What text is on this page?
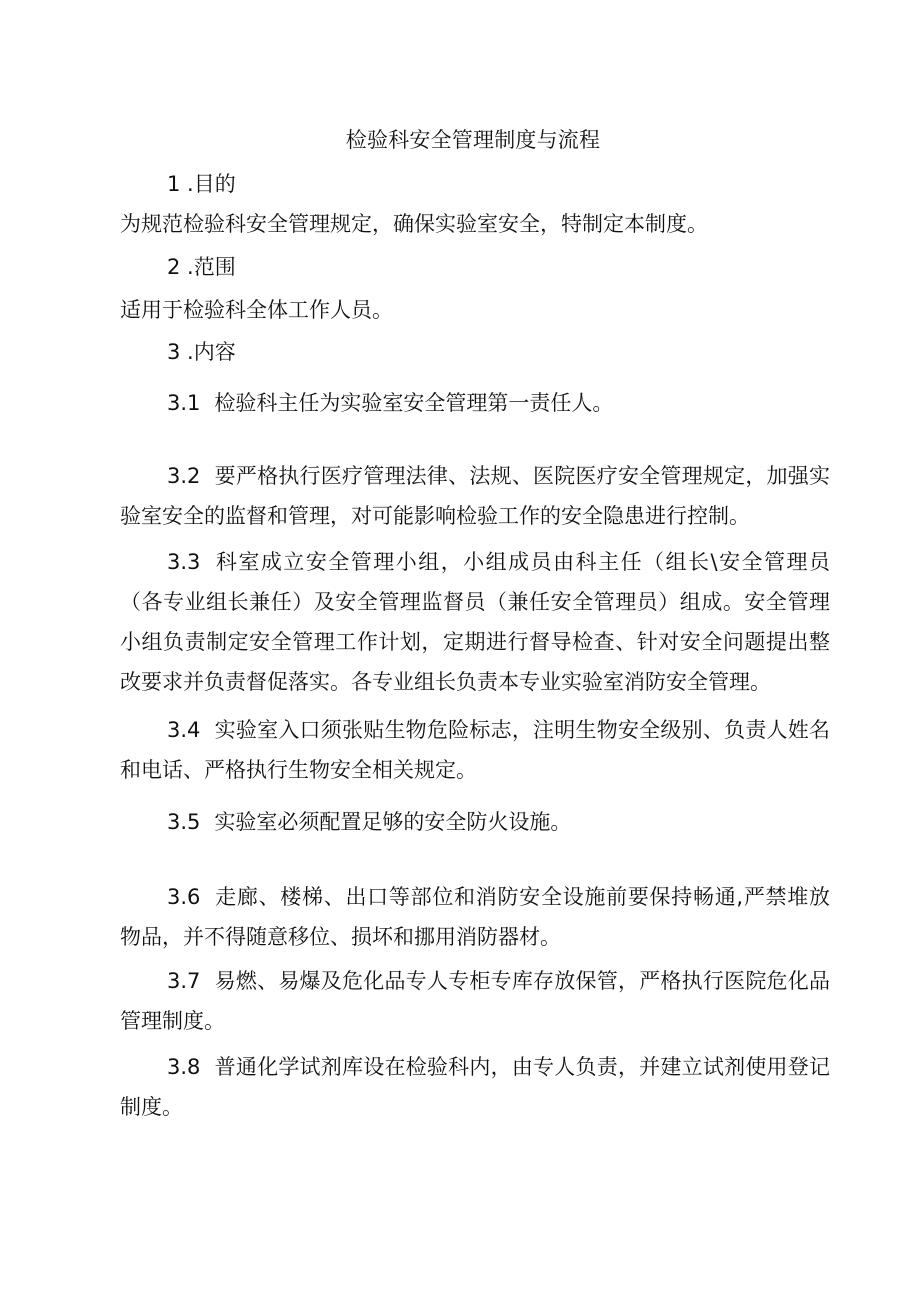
检验科安全管理制度与流程
1 .目的
为规范检验科安全管理规定，确保实验室安全，特制定本制度。
2 .范围
适用于检验科全体工作人员。
3 .内容
3.1 检验科主任为实验室安全管理第一责任人。
3.2 要严格执行医疗管理法律、法规、医院医疗安全管理规定，加强实验室安全的监督和管理，对可能影响检验工作的安全隐患进行控制。
3.3 科室成立安全管理小组，小组成员由科主任（组长\安全管理员（各专业组长兼任）及安全管理监督员（兼任安全管理员）组成。安全管理小组负责制定安全管理工作计划，定期进行督导检查、针对安全问题提出整改要求并负责督促落实。各专业组长负责本专业实验室消防安全管理。
3.4 实验室入口须张贴生物危险标志，注明生物安全级别、负责人姓名和电话、严格执行生物安全相关规定。
3.5 实验室必须配置足够的安全防火设施。
3.6 走廊、楼梯、出口等部位和消防安全设施前要保持畅通,严禁堆放物品，并不得随意移位、损坏和挪用消防器材。
3.7 易燃、易爆及危化品专人专柜专库存放保管，严格执行医院危化品管理制度。
3.8 普通化学试剂库设在检验科内，由专人负责，并建立试剂使用登记制度。
